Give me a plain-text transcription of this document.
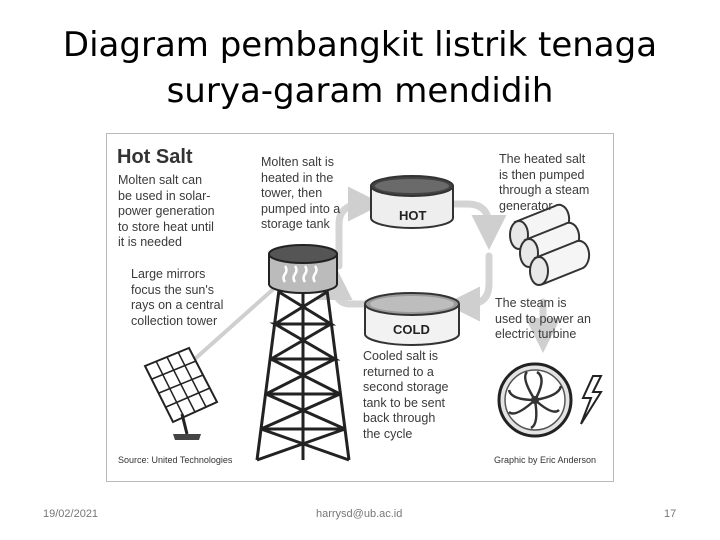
Diagram pembangkit listrik tenaga
surya-garam mendidih
Hot Salt
Molten salt can
be used in solar-
power generation
to store heat until
it is needed
Large mirrors
focus the sun's
rays on a central
collection tower
Molten salt is
heated in the
tower, then
pumped into a
storage tank
The heated salt
is then pumped
through a steam
generator
The steam is
used to power an
electric turbine
Cooled salt is
returned to a
second storage
tank to be sent
back through
the cycle
HOT
COLD
Source: United Technologies	Graphic by Eric Anderson
19/02/2021	harrysd@ub.ac.id	17
